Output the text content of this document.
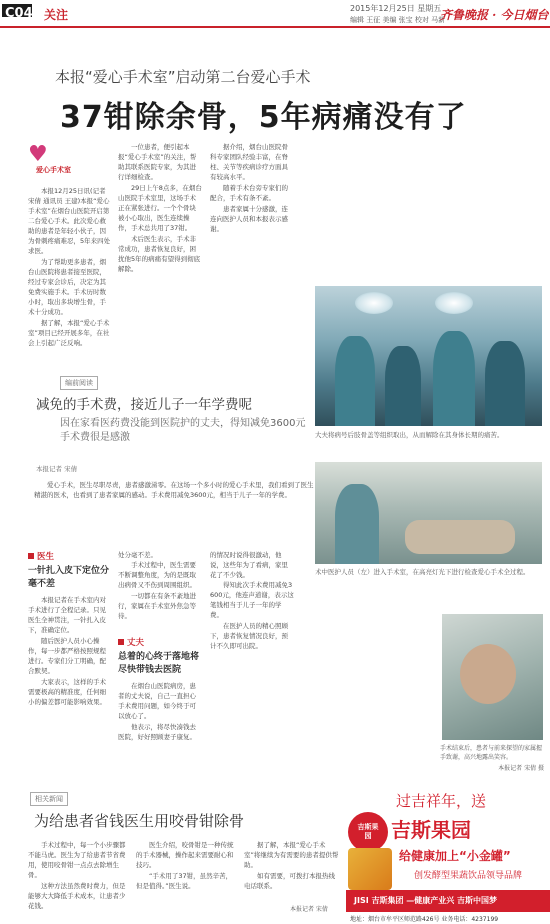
C04 关注	2015年12月25日 星期五
编辑 王征 美编 张宝 校对 马新
齐鲁晚报 · 今日烟台
本报“爱心手术室”启动第二台爱心手术
37钳除余骨，5年病痛没有了
♥
爱心手术室

本报12月25日讯(记者 宋倩 通讯员 王建)本报“爱心手术室”在烟台山医院开启第二台爱心手术。此次爱心救助的患者是年轻小伙子，因为骨刺疼痛难忍，5年来四处求医。

为了帮助更多患者，烟台山医院将患者接至医院，经过专家会诊后，决定为其免费实施手术。手术历时数小时，取出多块增生骨，手术十分成功。

据了解，本报“爱心手术室”项目已经开展多年，在社会上引起广泛反响。

一位患者，便引起本报“爱心手术室”的关注，帮助其联系医院专家，为其进行详细检查。

29日上午8点多，在烟台山医院手术室里，这场手术正在紧张进行。一个个骨块被小心取出，医生连续操作，手术总共用了37钳。

术后医生表示，手术非常成功，患者恢复良好，困扰他5年的病痛有望得到彻底解除。

据介绍，烟台山医院骨科专家团队经验丰富，在脊柱、关节等疾病诊疗方面具有较高水平。

随着手术台旁专家们的配合，手术有条不紊。

患者家属十分感激，连连向医护人员和本报表示感谢。

大夫将病号后肢骨盖等组织取出，从而解除在其身体长期的痛苦。
编前阅读
减免的手术费，接近儿子一年学费呢
因在家看医药费没能到医院护的丈夫，得知减免3600元手术费很是感激
本报记者 宋倩

爱心手术，医生尽职尽责，患者感激涕零。在这场一个多小时的爱心手术里，我们看到了医生精湛的医术，也看到了患者家属的感动。手术费用减免3600元，相当于儿子一年的学费。

医生
一针扎入皮下定位分毫不差

本报记者在手术室内对手术进行了全程记录。只见医生全神贯注，一针扎入皮下，准确定位。

随后医护人员小心操作，每一步都严格按照规程进行。专家们分工明确，配合默契。

大家表示，这样的手术需要极高的精准度，任何细小的偏差都可能影响效果。

处分毫不差。

手术过程中，医生需要不断调整角度，为的是既取出病骨又不伤到周围组织。

一切都在有条不紊地进行，家属在手术室外焦急等待。

丈夫
总着的心终于落地将尽快带钱去医院

在烟台山医院病房，患者的丈夫说，自己一直担心手术费用问题，如今终于可以放心了。

他表示，将尽快凑钱去医院，好好照顾妻子康复。

的情况时说得很激动，他说，这些年为了看病，家里花了不少钱。

得知此次手术费用减免3600元，他连声道谢，表示这笔钱相当于儿子一年的学费。

在医护人员的精心照顾下，患者恢复情况良好，预计不久即可出院。

术中医护人员（左）进入手术室，在高亮灯光下进行检查爱心手术全过程。
手术结束后，患者与前来探望的家属握手致谢，高兴地露出笑容。
本报记者 宋倩 摄
相关新闻
为给患者省钱医生用咬骨钳除骨

手术过程中，每一个小步骤都不能马虎。医生为了给患者节省费用，使用咬骨钳一点点去除增生骨。

这种方法虽然费时费力，但是能够大大降低手术成本，让患者少花钱。

医生介绍，咬骨钳是一种传统的手术器械，操作起来需要耐心和技巧。

“手术用了37钳，虽然辛苦，但是值得。”医生说。

据了解，本报“爱心手术室”将继续为有需要的患者提供帮助。

如有需要，可拨打本报热线电话联系。

本报记者 宋倩
过吉祥年，送
吉斯果园 吉斯果园
给健康加上“小金罐”
创发酵型果蔬饮品领导品牌
JISI 吉斯集团 —健康产业兴 吉斯中国梦
地址：烟台市牟平区师范路426号 业务电话：4237199
